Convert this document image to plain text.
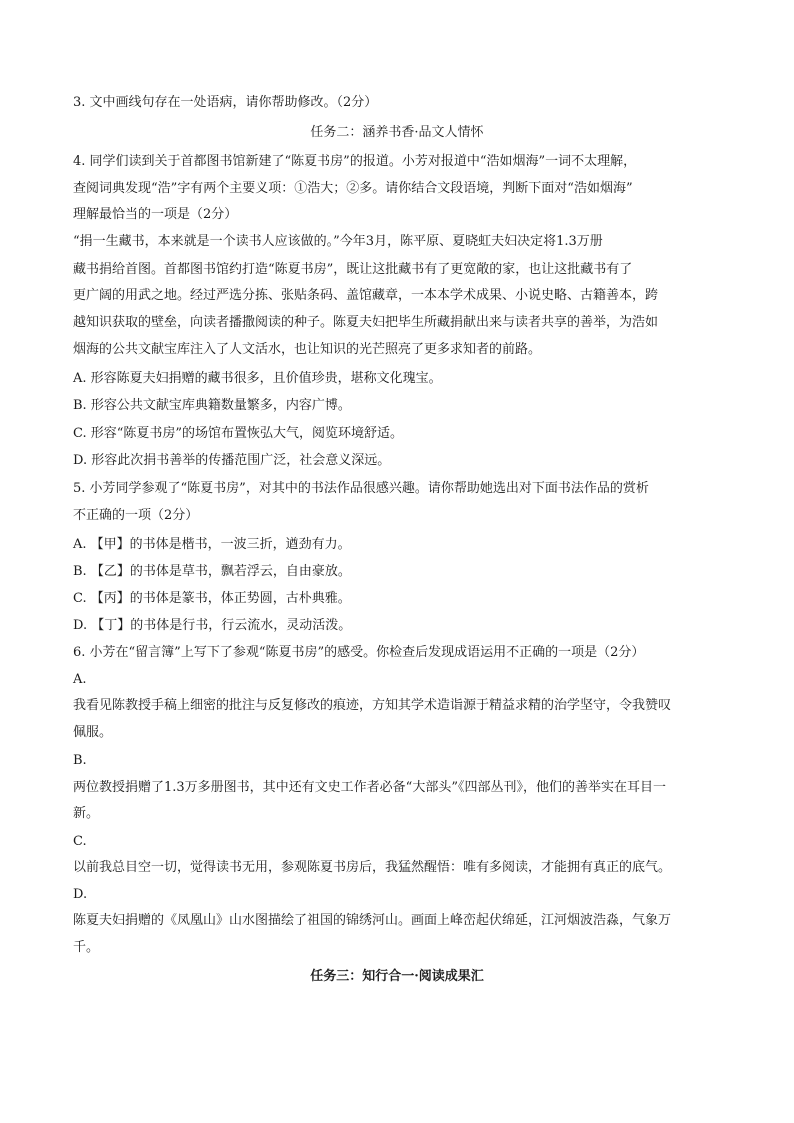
3. 文中画线句存在一处语病，请你帮助修改。（2分）
任务二：涵养书香·品文人情怀
4. 同学们读到关于首都图书馆新建了“陈夏书房”的报道。小芳对报道中“浩如烟海”一词不太理解，
查阅词典发现“浩”字有两个主要义项：①浩大；②多。请你结合文段语境，判断下面对“浩如烟海”
理解最恰当的一项是（2分）
“捐一生藏书，本来就是一个读书人应该做的。”今年3月，陈平原、夏晓虹夫妇决定将1.3万册
藏书捐给首图。首都图书馆约打造“陈夏书房”，既让这批藏书有了更宽敞的家，也让这批藏书有了
更广阔的用武之地。经过严选分拣、张贴条码、盖馆藏章，一本本学术成果、小说史略、古籍善本，跨
越知识获取的壁垒，向读者播撒阅读的种子。陈夏夫妇把毕生所藏捐献出来与读者共享的善举，为浩如
烟海的公共文献宝库注入了人文活水，也让知识的光芒照亮了更多求知者的前路。
A. 形容陈夏夫妇捐赠的藏书很多，且价值珍贵，堪称文化瑰宝。
B. 形容公共文献宝库典籍数量繁多，内容广博。
C. 形容“陈夏书房”的场馆布置恢弘大气，阅览环境舒适。
D. 形容此次捐书善举的传播范围广泛，社会意义深远。
5. 小芳同学参观了“陈夏书房”，对其中的书法作品很感兴趣。请你帮助她选出对下面书法作品的赏析
不正确的一项（2分）
A. 【甲】的书体是楷书，一波三折，遒劲有力。
B. 【乙】的书体是草书，飘若浮云，自由豪放。
C. 【丙】的书体是篆书，体正势圆，古朴典雅。
D. 【丁】的书体是行书，行云流水，灵动活泼。
6. 小芳在“留言簿”上写下了参观“陈夏书房”的感受。你检查后发现成语运用不正确的一项是（2分）
A.
我看见陈教授手稿上细密的批注与反复修改的痕迹，方知其学术造诣源于精益求精的治学坚守，令我赞叹
佩服。
B.
两位教授捐赠了1.3万多册图书，其中还有文史工作者必备“大部头”《四部丛刊》，他们的善举实在耳目一
新。
C.
以前我总目空一切，觉得读书无用，参观陈夏书房后，我猛然醒悟：唯有多阅读，才能拥有真正的底气。
D.
陈夏夫妇捐赠的《凤凰山》山水图描绘了祖国的锦绣河山。画面上峰峦起伏绵延，江河烟波浩淼，气象万
千。
任务三：知行合一·阅读成果汇
